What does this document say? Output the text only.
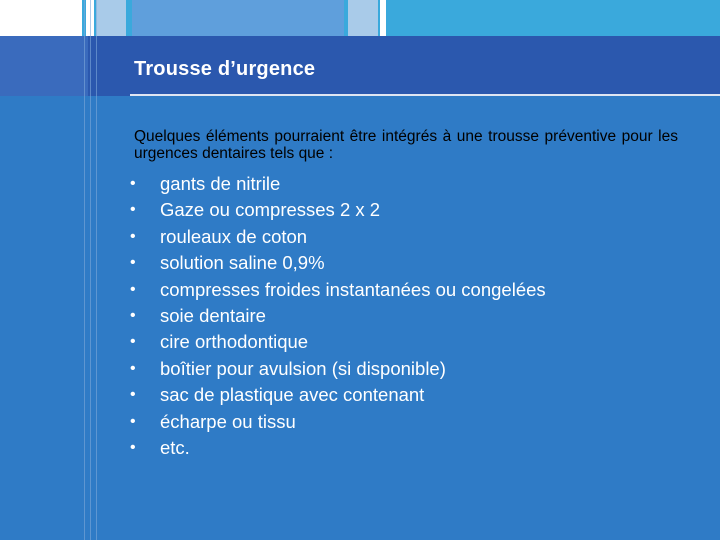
Trousse d’urgence

Quelques éléments pourraient être intégrés à une trousse préventive pour les urgences dentaires tels que :

• gants de nitrile
• Gaze ou compresses 2 x 2
• rouleaux de coton
• solution saline 0,9%
• compresses froides instantanées ou congelées
• soie dentaire
• cire orthodontique
• boîtier pour avulsion (si disponible)
• sac de plastique avec contenant
• écharpe ou tissu
• etc.
